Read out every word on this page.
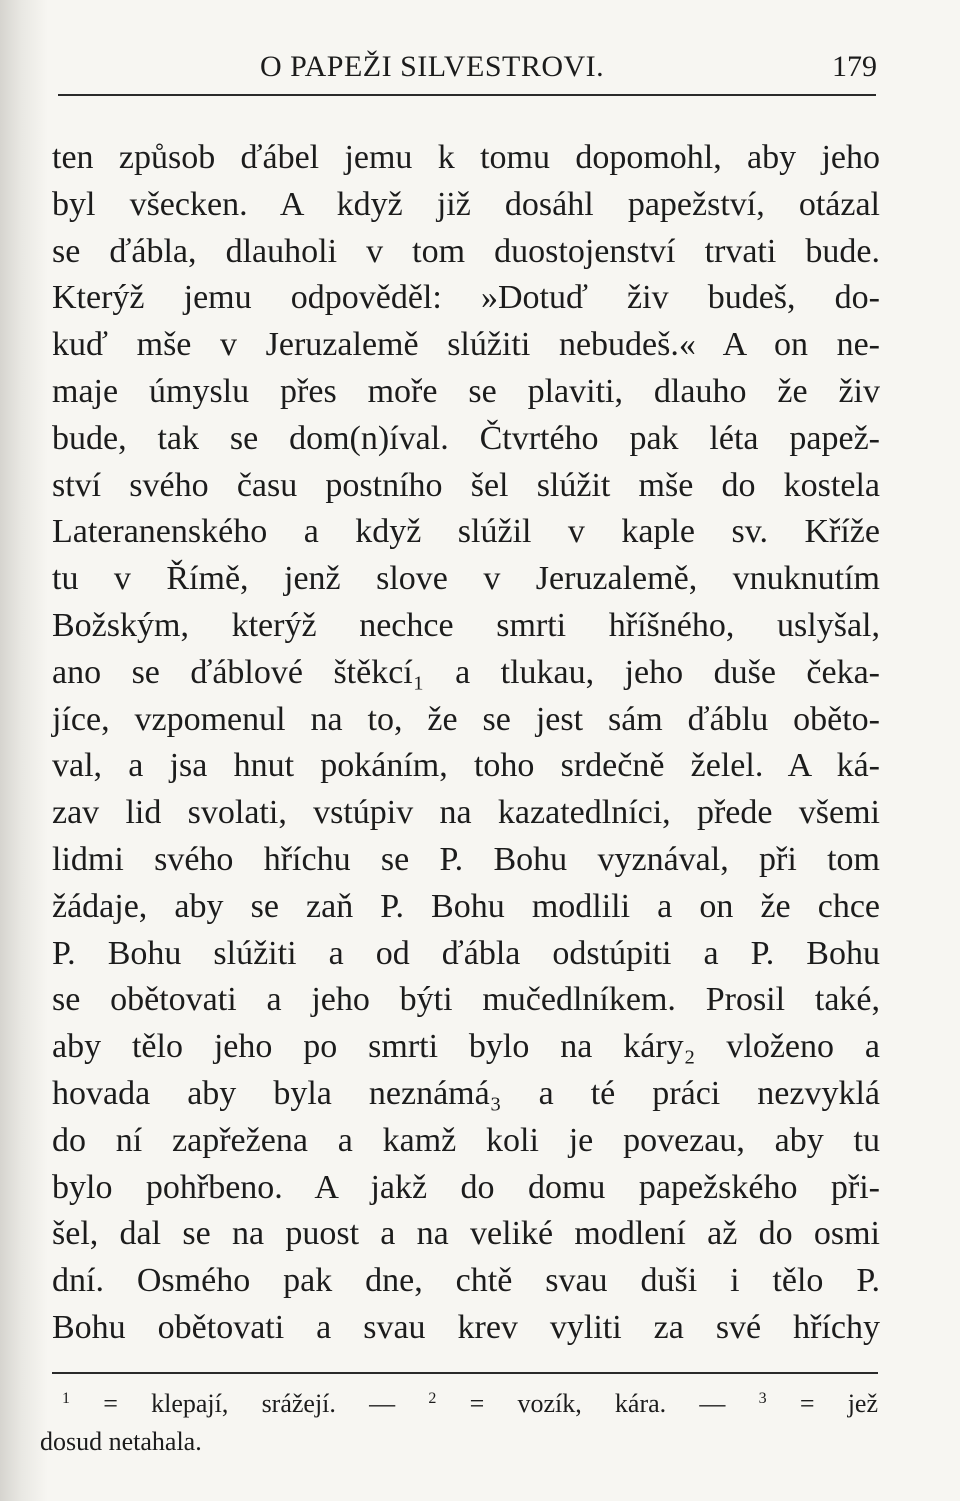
O PAPEŽI SILVESTROVI.	179
ten způsob ďábel jemu k tomu dopomohl, aby jeho
byl všecken. A když již dosáhl papežství, otázal
se ďábla, dlauholi v tom duostojenství trvati bude.
Kterýž jemu odpověděl: »Dotuď živ budeš, do-
kuď mše v Jeruzalemě slúžiti nebudeš.« A on ne-
maje úmyslu přes moře se plaviti, dlauho že živ
bude, tak se dom(n)íval. Čtvrtého pak léta papež-
ství svého času postního šel slúžit mše do kostela
Lateranenského a když slúžil v kaple sv. Kříže
tu v Římě, jenž slove v Jeruzalemě, vnuknutím
Božským, kterýž nechce smrti hříšného, uslyšal,
ano se ďáblové štěkcí₁ a tlukau, jeho duše čeka-
jíce, vzpomenul na to, že se jest sám ďáblu oběto-
val, a jsa hnut pokáním, toho srdečně želel. A ká-
zav lid svolati, vstúpiv na kazatedlníci, přede všemi
lidmi svého hříchu se P. Bohu vyznával, při tom
žádaje, aby se zaň P. Bohu modlili a on že chce
P. Bohu slúžiti a od ďábla odstúpiti a P. Bohu
se obětovati a jeho býti mučedlníkem. Prosil také,
aby tělo jeho po smrti bylo na káry₂ vloženo a
hovada aby byla neznámá₃ a té práci nezvyklá
do ní zapřežena a kamž koli je povezau, aby tu
bylo pohřbeno. A jakž do domu papežského při-
šel, dal se na puost a na veliké modlení až do osmi
dní. Osmého pak dne, chtě svau duši i tělo P.
Bohu obětovati a svau krev vyliti za své hříchy
$^1$ = klepají, srážejí. — $^2$ = vozík, kára. — $^3$ = jež
dosud netahala.
